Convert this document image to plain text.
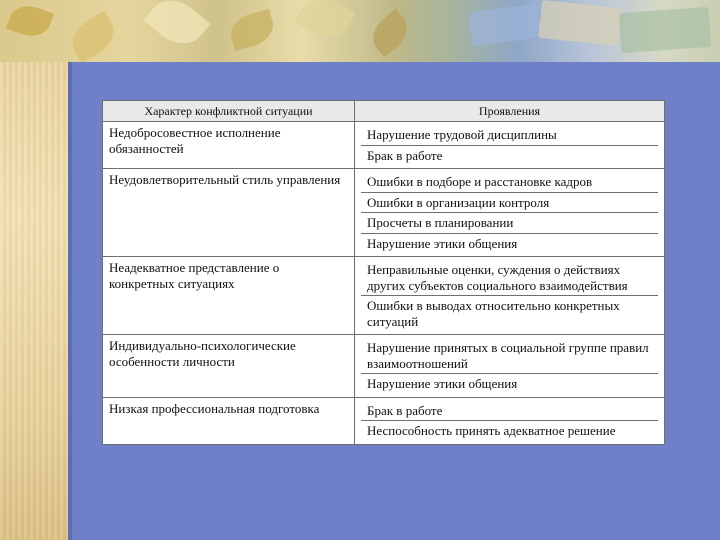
Характер конфликтной ситуации	Проявления
Недобросовестное исполнение обязанностей	Нарушение трудовой дисциплины
Брак в работе

Неудовлетворительный стиль управления	Ошибки в подборе и расстановке кадров
Ошибки в организации контроля
Просчеты в планировании
Нарушение этики общения

Неадекватное представление о конкретных ситуациях	Неправильные оценки, суждения о действиях других субъектов социального взаимодействия
Ошибки в выводах относительно конкретных ситуаций

Индивидуально-психологические особенности личности	Нарушение принятых в социальной группе правил взаимоотношений
Нарушение этики общения

Низкая профессиональная подготовка	Брак в работе
Неспособность принять адекватное решение
